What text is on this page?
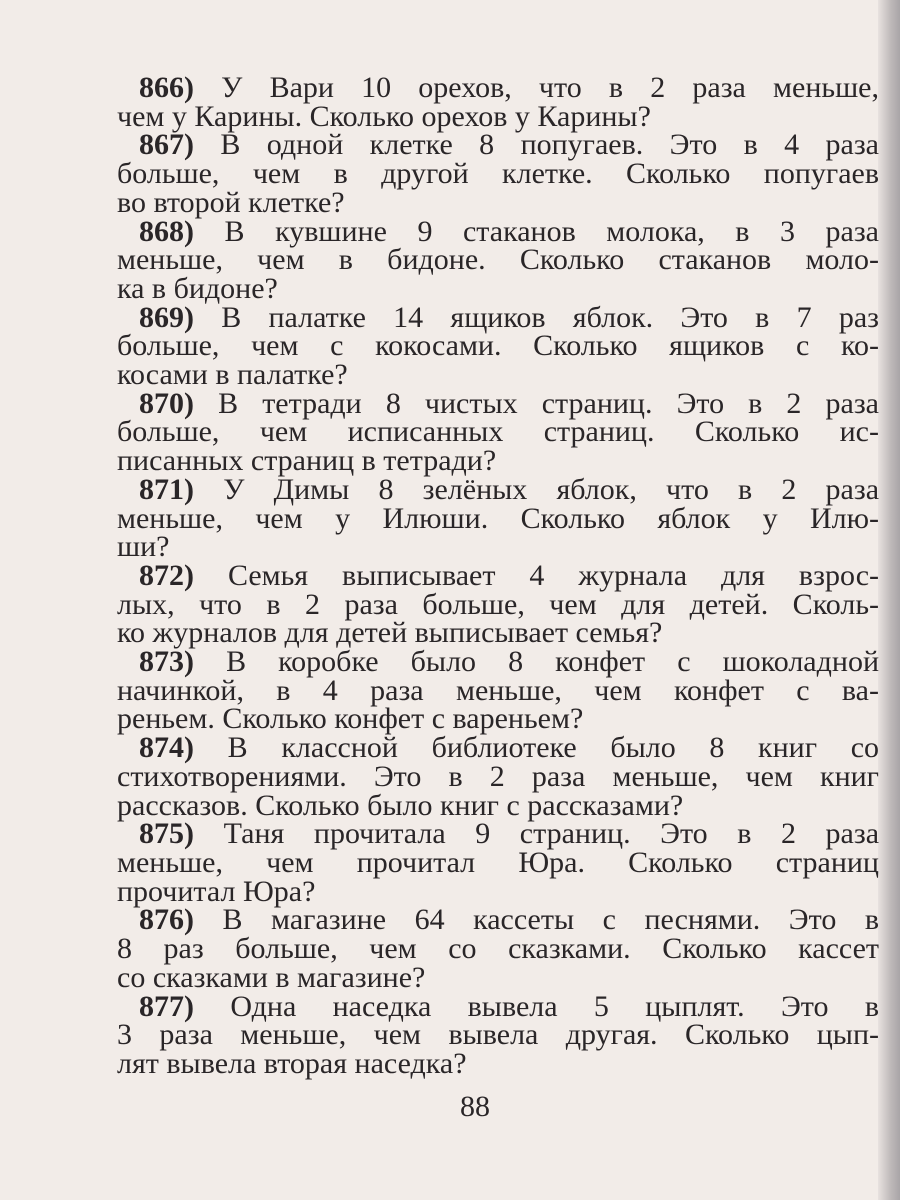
866) У Вари 10 орехов, что в 2 раза меньше,
чем у Карины. Сколько орехов у Карины?
867) В одной клетке 8 попугаев. Это в 4 раза
больше, чем в другой клетке. Сколько попугаев
во второй клетке?
868) В кувшине 9 стаканов молока, в 3 раза
меньше, чем в бидоне. Сколько стаканов моло-
ка в бидоне?
869) В палатке 14 ящиков яблок. Это в 7 раз
больше, чем с кокосами. Сколько ящиков с ко-
косами в палатке?
870) В тетради 8 чистых страниц. Это в 2 раза
больше, чем исписанных страниц. Сколько ис-
писанных страниц в тетради?
871) У Димы 8 зелёных яблок, что в 2 раза
меньше, чем у Илюши. Сколько яблок у Илю-
ши?
872) Семья выписывает 4 журнала для взрос-
лых, что в 2 раза больше, чем для детей. Сколь-
ко журналов для детей выписывает семья?
873) В коробке было 8 конфет с шоколадной
начинкой, в 4 раза меньше, чем конфет с ва-
реньем. Сколько конфет с вареньем?
874) В классной библиотеке было 8 книг со
стихотворениями. Это в 2 раза меньше, чем книг
рассказов. Сколько было книг с рассказами?
875) Таня прочитала 9 страниц. Это в 2 раза
меньше, чем прочитал Юра. Сколько страниц
прочитал Юра?
876) В магазине 64 кассеты с песнями. Это в
8 раз больше, чем со сказками. Сколько кассет
со сказками в магазине?
877) Одна наседка вывела 5 цыплят. Это в
3 раза меньше, чем вывела другая. Сколько цып-
лят вывела вторая наседка?
88
